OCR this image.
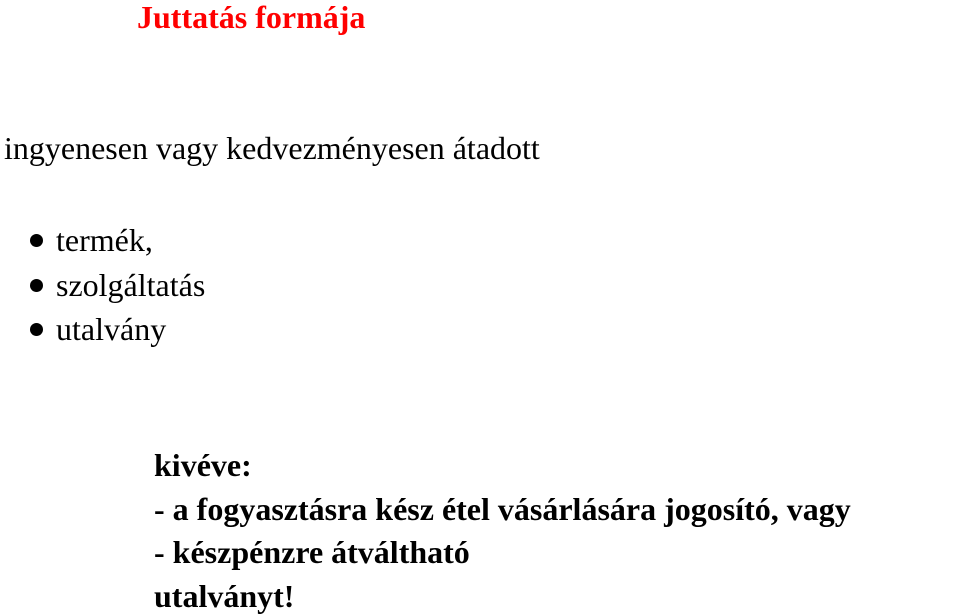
Juttatás formája

ingyenesen vagy kedvezményesen átadott

termék,
szolgáltatás
utalvány
kivéve:
- a fogyasztásra kész étel vásárlására jogosító, vagy
- készpénzre átváltható
utalványt!
